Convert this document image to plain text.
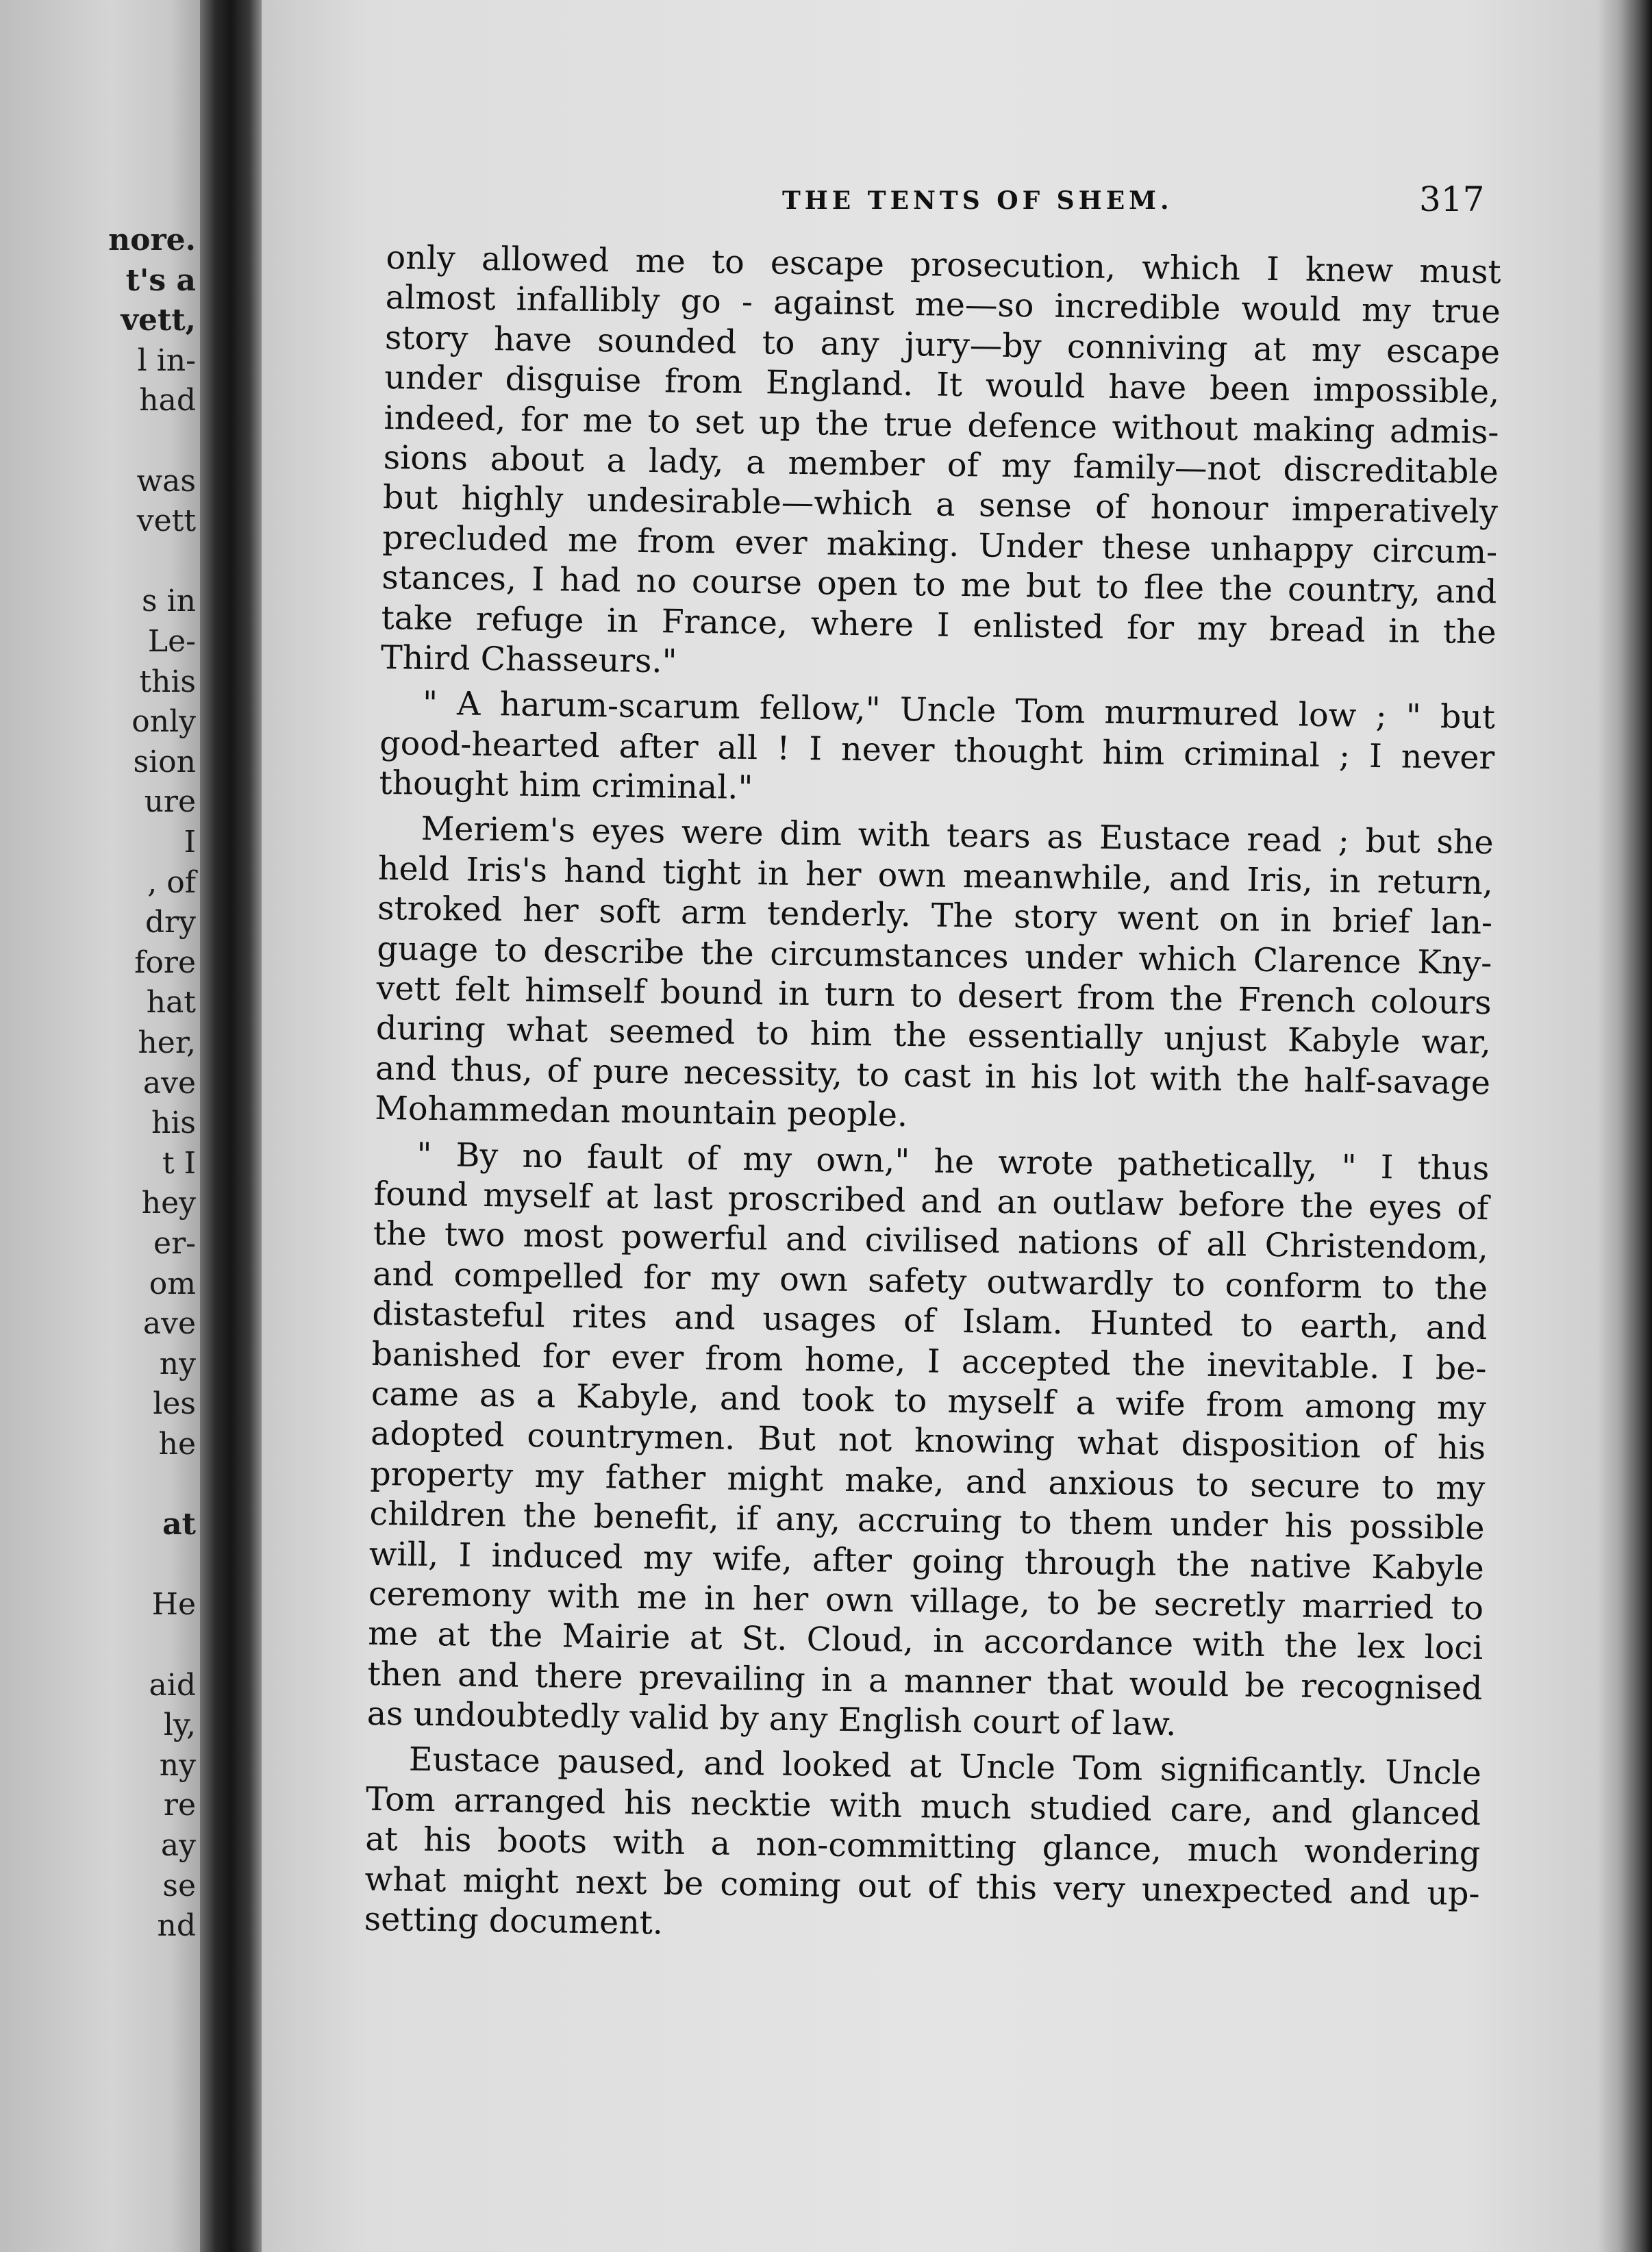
nore.
t's a
vett,
l in-
had
was
vett
s in
Le-
this
only
sion
ure
I
, of
dry
fore
hat
her,
ave
his
t I
hey
er-
om
ave
ny
les
he
at
He
aid
ly,
ny
re
ay
se
nd
THE TENTS OF SHEM.	317
only allowed me to escape prosecution, which I knew must
almost infallibly go - against me—so incredible would my true
story have sounded to any jury—by conniving at my escape
under disguise from England. It would have been impossible,
indeed, for me to set up the true defence without making admis-
sions about a lady, a member of my family—not discreditable
but highly undesirable—which a sense of honour imperatively
precluded me from ever making. Under these unhappy circum-
stances, I had no course open to me but to flee the country, and
take refuge in France, where I enlisted for my bread in the
Third Chasseurs."
" A harum-scarum fellow," Uncle Tom murmured low ; " but
good-hearted after all ! I never thought him criminal ; I never
thought him criminal."
Meriem's eyes were dim with tears as Eustace read ; but she
held Iris's hand tight in her own meanwhile, and Iris, in return,
stroked her soft arm tenderly. The story went on in brief lan-
guage to describe the circumstances under which Clarence Kny-
vett felt himself bound in turn to desert from the French colours
during what seemed to him the essentially unjust Kabyle war,
and thus, of pure necessity, to cast in his lot with the half-savage
Mohammedan mountain people.
" By no fault of my own," he wrote pathetically, " I thus
found myself at last proscribed and an outlaw before the eyes of
the two most powerful and civilised nations of all Christendom,
and compelled for my own safety outwardly to conform to the
distasteful rites and usages of Islam. Hunted to earth, and
banished for ever from home, I accepted the inevitable. I be-
came as a Kabyle, and took to myself a wife from among my
adopted countrymen. But not knowing what disposition of his
property my father might make, and anxious to secure to my
children the benefit, if any, accruing to them under his possible
will, I induced my wife, after going through the native Kabyle
ceremony with me in her own village, to be secretly married to
me at the Mairie at St. Cloud, in accordance with the lex loci
then and there prevailing in a manner that would be recognised
as undoubtedly valid by any English court of law.
Eustace paused, and looked at Uncle Tom significantly. Uncle
Tom arranged his necktie with much studied care, and glanced
at his boots with a non-committing glance, much wondering
what might next be coming out of this very unexpected and up-
setting document.
